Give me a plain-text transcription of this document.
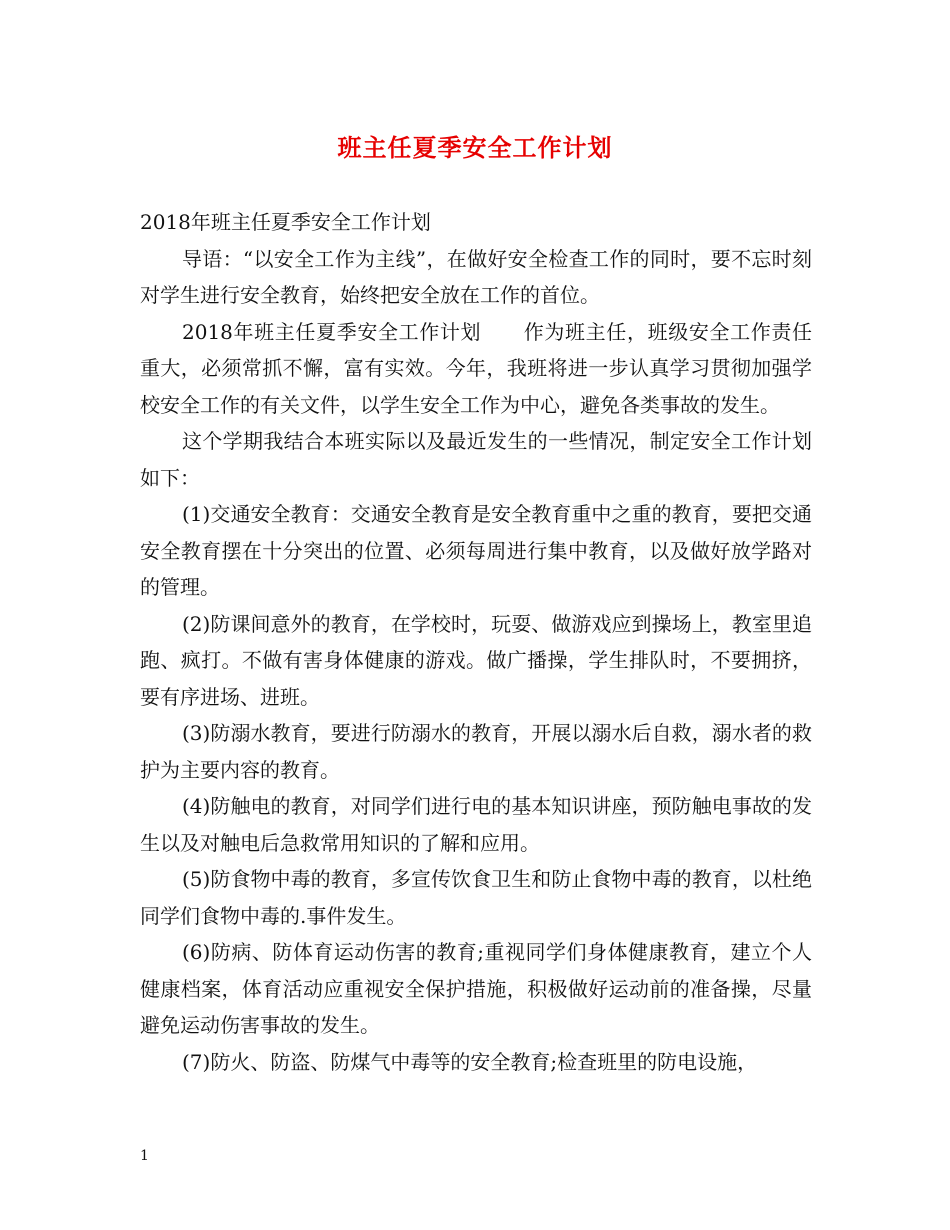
班主任夏季安全工作计划

2018年班主任夏季安全工作计划

导语：“以安全工作为主线”，在做好安全检查工作的同时，要不忘时刻对学生进行安全教育，始终把安全放在工作的首位。

2018年班主任夏季安全工作计划 作为班主任，班级安全工作责任重大，必须常抓不懈，富有实效。今年，我班将进一步认真学习贯彻加强学校安全工作的有关文件，以学生安全工作为中心，避免各类事故的发生。

这个学期我结合本班实际以及最近发生的一些情况，制定安全工作计划如下：

(1)交通安全教育：交通安全教育是安全教育重中之重的教育，要把交通安全教育摆在十分突出的位置、必须每周进行集中教育，以及做好放学路对的管理。

(2)防课间意外的教育，在学校时，玩耍、做游戏应到操场上，教室里追跑、疯打。不做有害身体健康的游戏。做广播操，学生排队时，不要拥挤，要有序进场、进班。

(3)防溺水教育，要进行防溺水的教育，开展以溺水后自救，溺水者的救护为主要内容的教育。

(4)防触电的教育，对同学们进行电的基本知识讲座，预防触电事故的发生以及对触电后急救常用知识的了解和应用。

(5)防食物中毒的教育，多宣传饮食卫生和防止食物中毒的教育，以杜绝同学们食物中毒的.事件发生。

(6)防病、防体育运动伤害的教育;重视同学们身体健康教育，建立个人健康档案，体育活动应重视安全保护措施，积极做好运动前的准备操，尽量避免运动伤害事故的发生。

(7)防火、防盗、防煤气中毒等的安全教育;检查班里的防电设施，

1
